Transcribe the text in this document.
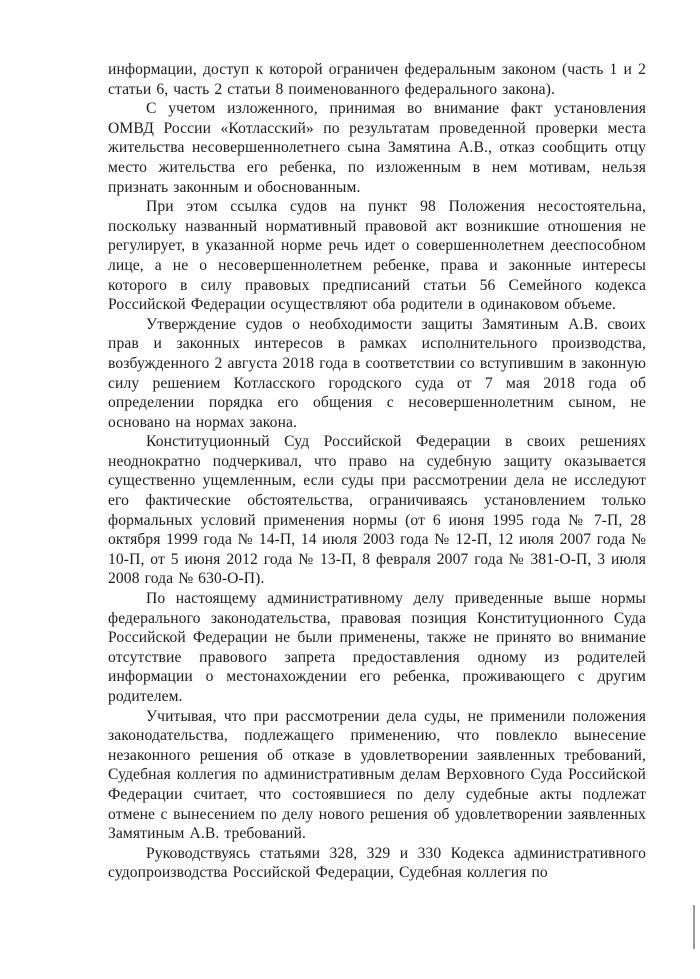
информации, доступ к которой ограничен федеральным законом (часть 1 и 2 статьи 6, часть 2 статьи 8 поименованного федерального закона).

С учетом изложенного, принимая во внимание факт установления ОМВД России «Котласский» по результатам проведенной проверки места жительства несовершеннолетнего сына Замятина А.В., отказ сообщить отцу место жительства его ребенка, по изложенным в нем мотивам, нельзя признать законным и обоснованным.

При этом ссылка судов на пункт 98 Положения несостоятельна, поскольку названный нормативный правовой акт возникшие отношения не регулирует, в указанной норме речь идет о совершеннолетнем дееспособном лице, а не о несовершеннолетнем ребенке, права и законные интересы которого в силу правовых предписаний статьи 56 Семейного кодекса Российской Федерации осуществляют оба родители в одинаковом объеме.

Утверждение судов о необходимости защиты Замятиным А.В. своих прав и законных интересов в рамках исполнительного производства, возбужденного 2 августа 2018 года в соответствии со вступившим в законную силу решением Котласского городского суда от 7 мая 2018 года об определении порядка его общения с несовершеннолетним сыном, не основано на нормах закона.

Конституционный Суд Российской Федерации в своих решениях неоднократно подчеркивал, что право на судебную защиту оказывается существенно ущемленным, если суды при рассмотрении дела не исследуют его фактические обстоятельства, ограничиваясь установлением только формальных условий применения нормы (от 6 июня 1995 года № 7-П, 28 октября 1999 года № 14-П, 14 июля 2003 года № 12-П, 12 июля 2007 года № 10-П, от 5 июня 2012 года № 13-П, 8 февраля 2007 года № 381-О-П, 3 июля 2008 года № 630-О-П).

По настоящему административному делу приведенные выше нормы федерального законодательства, правовая позиция Конституционного Суда Российской Федерации не были применены, также не принято во внимание отсутствие правового запрета предоставления одному из родителей информации о местонахождении его ребенка, проживающего с другим родителем.

Учитывая, что при рассмотрении дела суды, не применили положения законодательства, подлежащего применению, что повлекло вынесение незаконного решения об отказе в удовлетворении заявленных требований, Судебная коллегия по административным делам Верховного Суда Российской Федерации считает, что состоявшиеся по делу судебные акты подлежат отмене с вынесением по делу нового решения об удовлетворении заявленных Замятиным А.В. требований.

Руководствуясь статьями 328, 329 и 330 Кодекса административного судопроизводства Российской Федерации, Судебная коллегия по
